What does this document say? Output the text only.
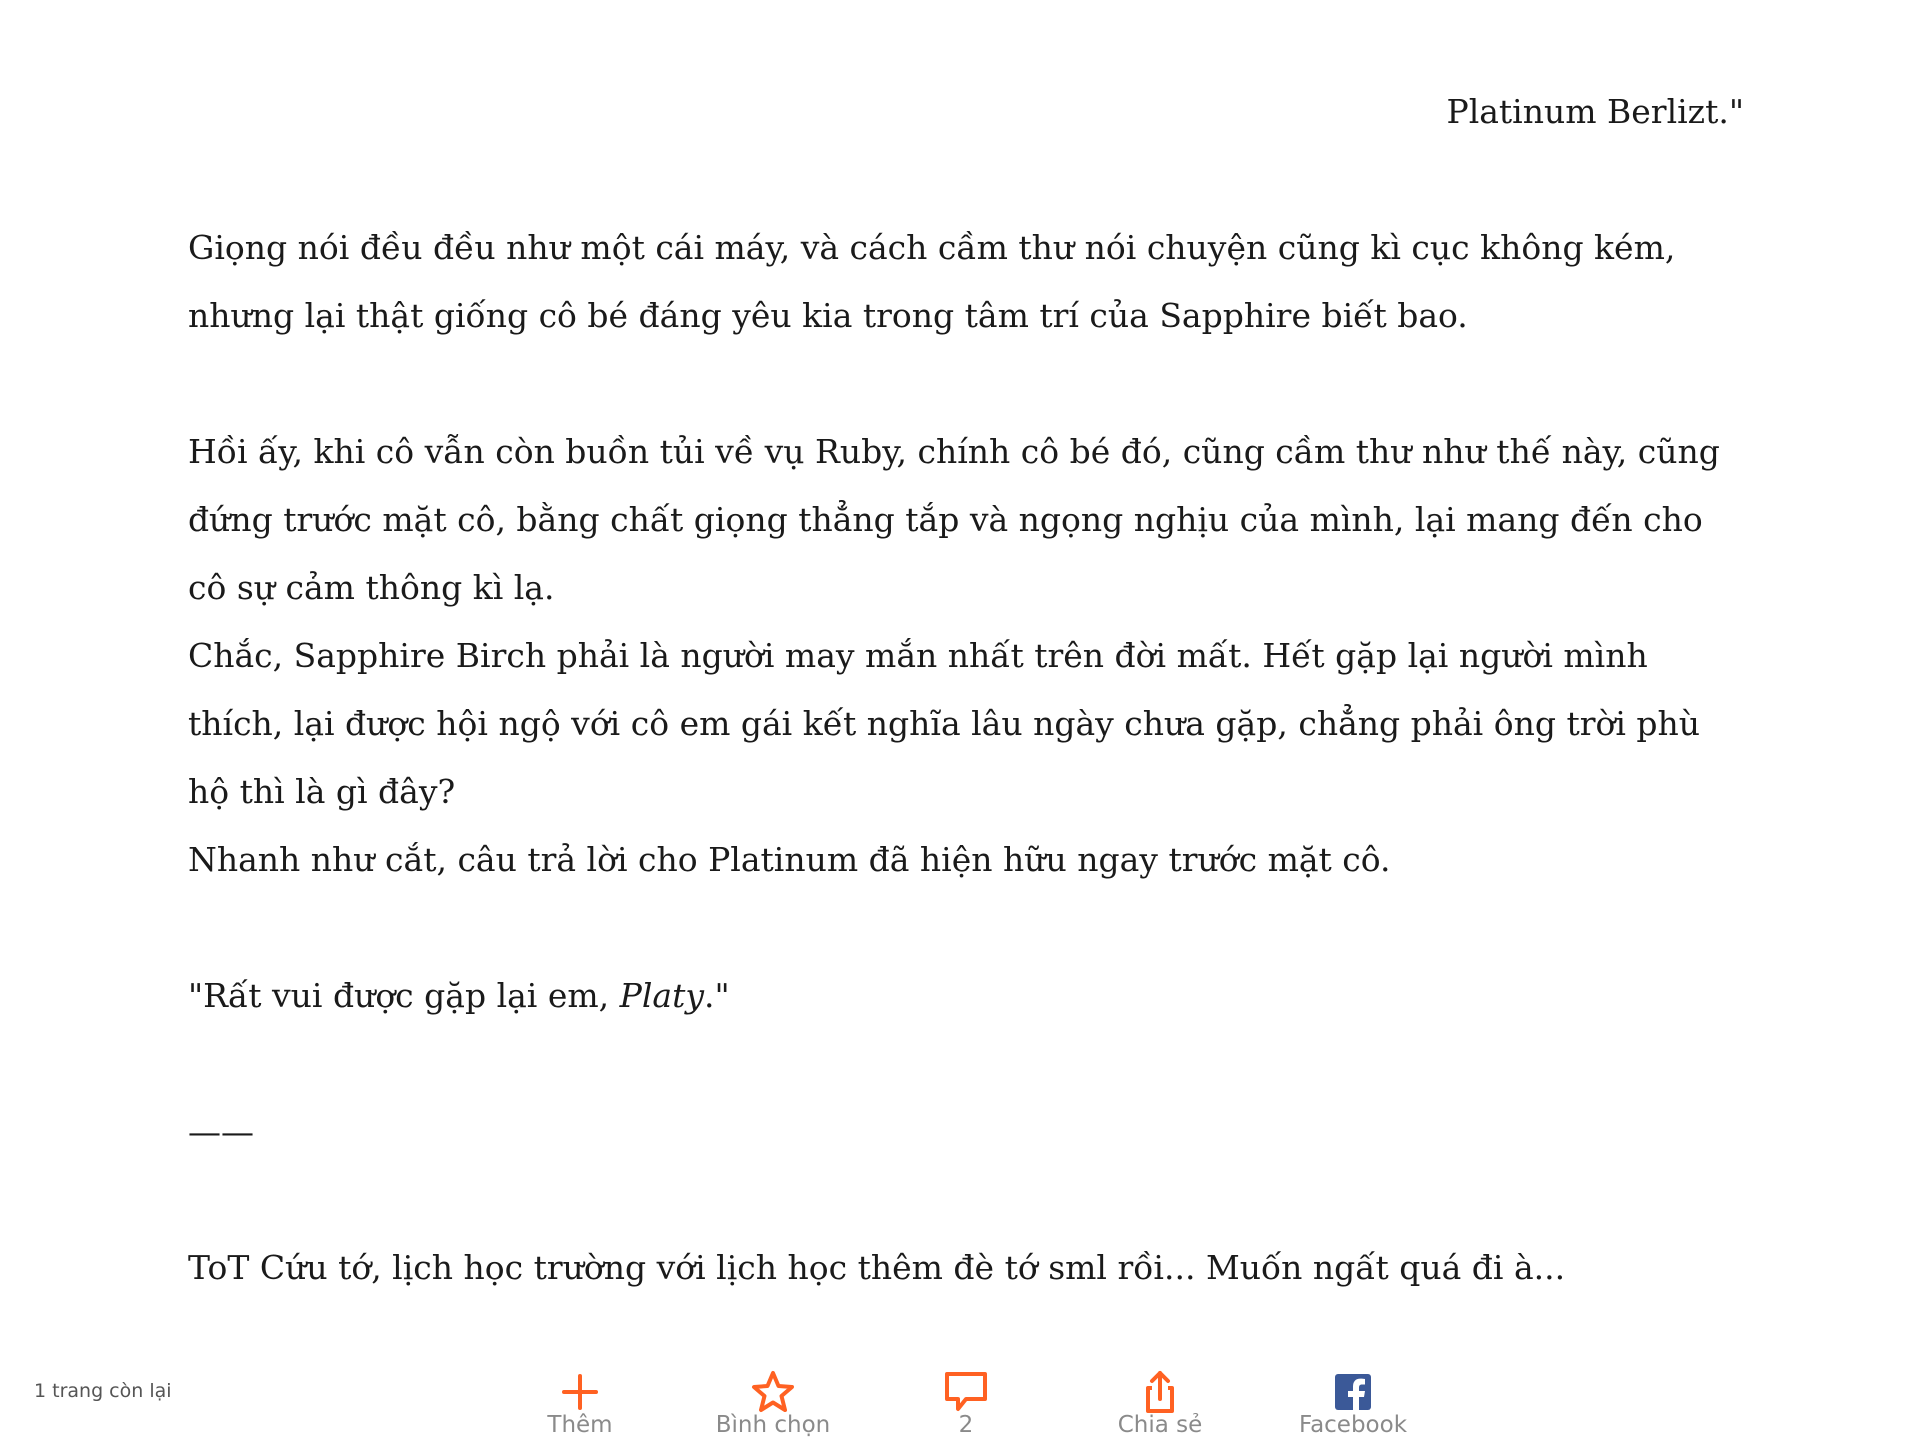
Platinum Berlizt."

Giọng nói đều đều như một cái máy, và cách cầm thư nói chuyện cũng kì cục không kém, nhưng lại thật giống cô bé đáng yêu kia trong tâm trí của Sapphire biết bao.

Hồi ấy, khi cô vẫn còn buồn tủi về vụ Ruby, chính cô bé đó, cũng cầm thư như thế này, cũng đứng trước mặt cô, bằng chất giọng thẳng tắp và ngọng nghịu của mình, lại mang đến cho cô sự cảm thông kì lạ.

Chắc, Sapphire Birch phải là người may mắn nhất trên đời mất. Hết gặp lại người mình thích, lại được hội ngộ với cô em gái kết nghĩa lâu ngày chưa gặp, chẳng phải ông trời phù hộ thì là gì đây?

Nhanh như cắt, câu trả lời cho Platinum đã hiện hữu ngay trước mặt cô.

"Rất vui được gặp lại em, Platy."

——

ToT Cứu tớ, lịch học trường với lịch học thêm đè tớ sml rồi... Muốn ngất quá đi à...

1 trang còn lại
Thêm	Bình chọn	2	Chia sẻ	Facebook
